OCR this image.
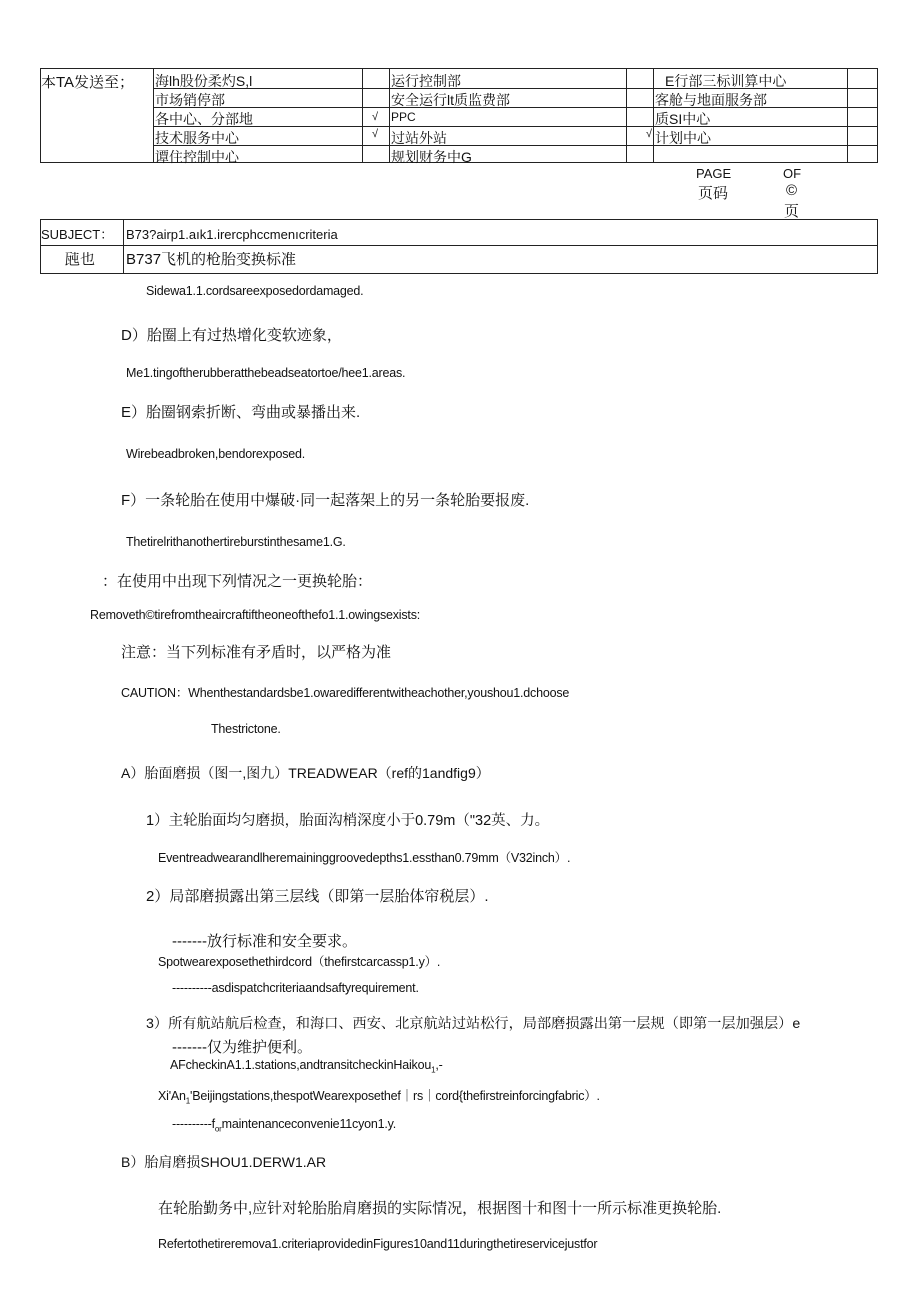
本TA发送至； 海lh股份柔灼S,l	运行控制部	E行部三标训算中心
市场销停部	安全运行lt质监费部	客舱与地面服务部
各中心、分部地	√ PPC	质SI中心
技术服务中心	√ 过站外站	√ 计划中心
谭住控制中心	规划财务中G
PAGE
页码
OF
©
页
SUBJECT： B73?airp1.aık1.irercphccmenıcriteria
瓲也 B737飞机的枪胎变换标准
Sidewa1.1.cordsareexposedordamaged.
D）胎圈上有过热增化变软迹象，
Me1.tingoftherubberatthebeadseatortoe/hee1.areas.
E）胎圈钢索折断、弯曲或暴播出来.
Wirebeadbroken,bendorexposed.
F）一条轮胎在使用中爆破·同一起落架上的另一条轮胎要报废.
Thetirelrithanothertireburstinthesame1.G.
：在使用中出现下列情况之一更换轮胎：
Removeth©tirefromtheaircraftiftheoneofthefo1.1.owingsexists:
注意：当下列标准有矛盾时，以严格为准
CAUTION：Whenthestandardsbe1.owaredifferentwitheachother,youshou1.dchoose
Thestrictone.
A）胎面磨损（图一,图九）TREADWEAR（ref的1andfig9）
1）主轮胎面均匀磨损，胎面沟梢深度小于0.79m（"32英、力。
Eventreadwearandlheremaininggroovedepths1.essthan0.79mm（V32inch）.
2）局部磨损露出第三层线（即第一层胎体帘税层）.
-------放行标准和安全要求。
Spotwearexposethethirdcord（thefirstcarcassp1.y）.
----------asdispatchcriteriaandsaftyrequirement.
3）所有航站航后检查，和海口、西安、北京航站过站松行，局部磨损露出第一层规（即第一层加强层）e
-------仅为维护便利。
AFcheckinA1.1.stations,andtransitcheckinHaikou$_1$,-
$Xi'An_1'Beijingstations,thespotWearexposethef|rs|cord\{thefirstreinforcingfabric)$.
$----------f_{or}maintenanceconvenie11cyon1.y$.
B）胎肩磨损SHOU1.DERW1.AR
在轮胎勤务中,应针对轮胎胎肩磨损的实际情况，根据图十和图十一所示标准更换轮胎.
Refertothetireremova1.criteriaprovidedinFigures10and11duringthetireservicejustfor
